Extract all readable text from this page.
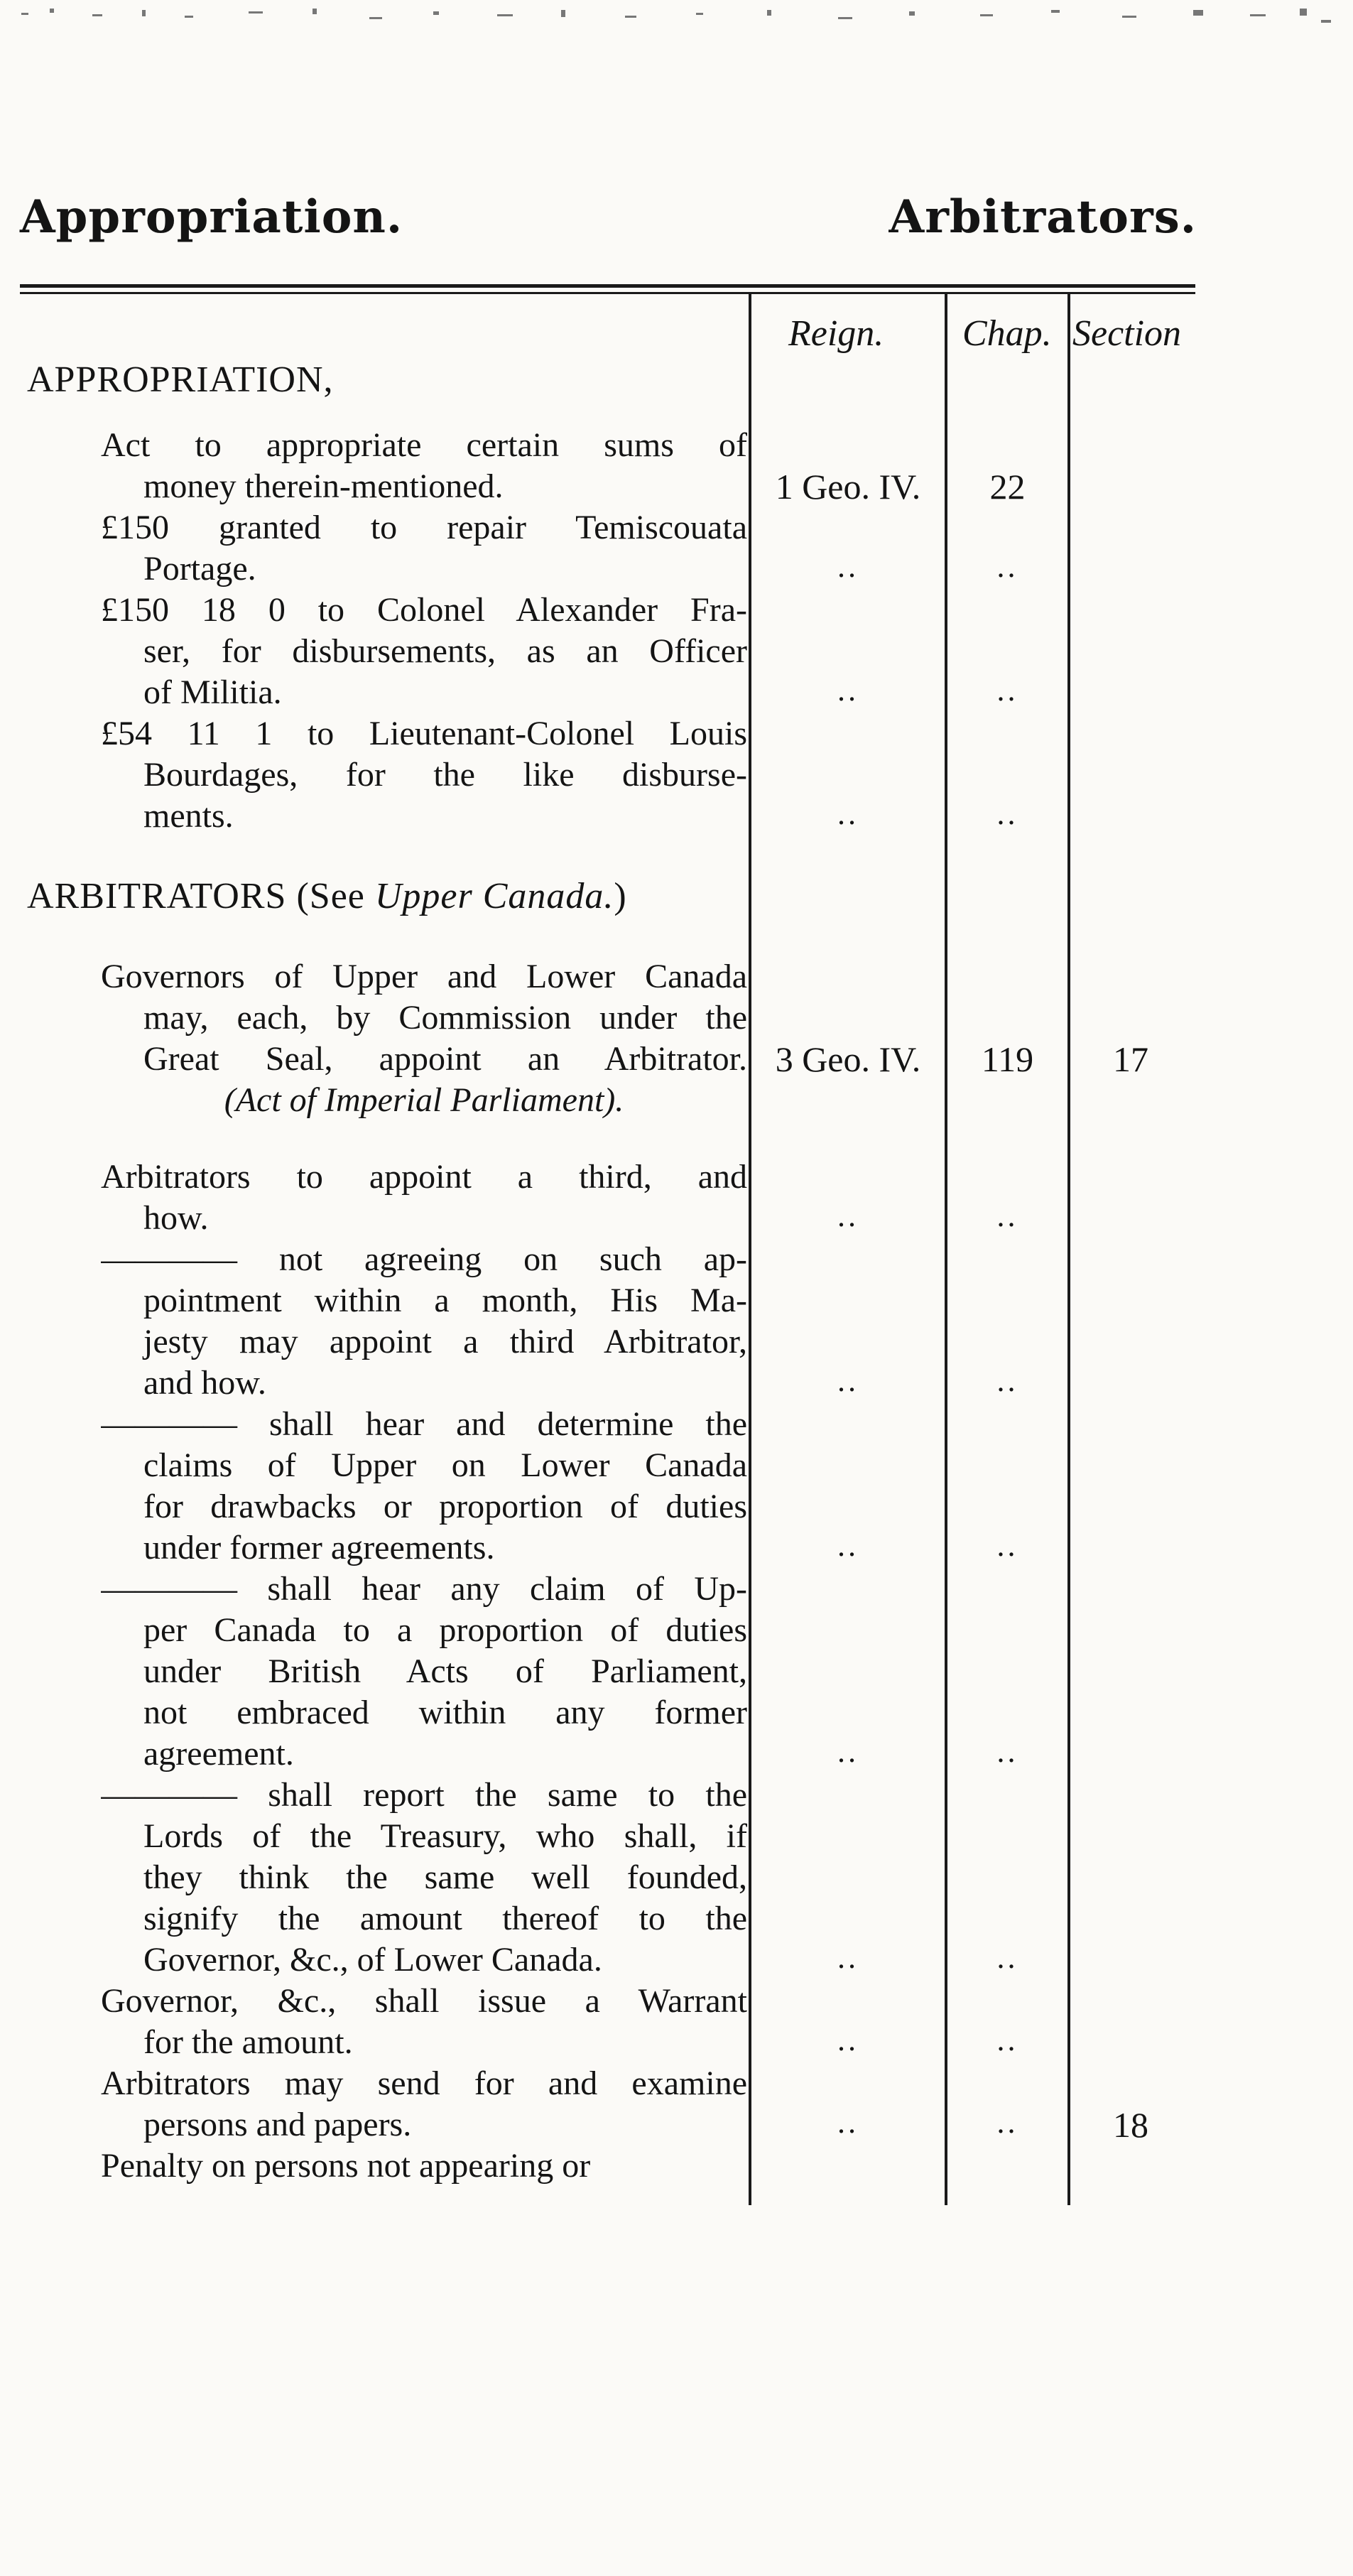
Appropriation.	Arbitrators.
Reign. Chap. Section
APPROPRIATION,
Act to appropriate certain sums of
money therein-mentioned.	1 Geo. IV.	22
£150 granted to repair Temiscouata
Portage.	..	..
£150 18 0 to Colonel Alexander Fra-
ser, for disbursements, as an Officer
of Militia.	..	..
£54 11 1 to Lieutenant-Colonel Louis
Bourdages, for the like disburse-
ments.	..	..
ARBITRATORS (See Upper Canada.)
Governors of Upper and Lower Canada
may, each, by Commission under the
Great Seal, appoint an Arbitrator.
(Act of Imperial Parliament).
3 Geo. IV.	119	17
Arbitrators to appoint a third, and
how.	..	..
———— not agreeing on such ap-
pointment within a month, His Ma-
jesty may appoint a third Arbitrator,
and how.	..	..
———— shall hear and determine the
claims of Upper on Lower Canada
for drawbacks or proportion of duties
under former agreements.	..	..
———— shall hear any claim of Up-
per Canada to a proportion of duties
under British Acts of Parliament,
not embraced within any former
agreement.	..	..
———— shall report the same to the
Lords of the Treasury, who shall, if
they think the same well founded,
signify the amount thereof to the
Governor, &c., of Lower Canada.	..	..
Governor, &c., shall issue a Warrant
for the amount.	..	..
Arbitrators may send for and examine
persons and papers.	..	..	18
Penalty on persons not appearing or
